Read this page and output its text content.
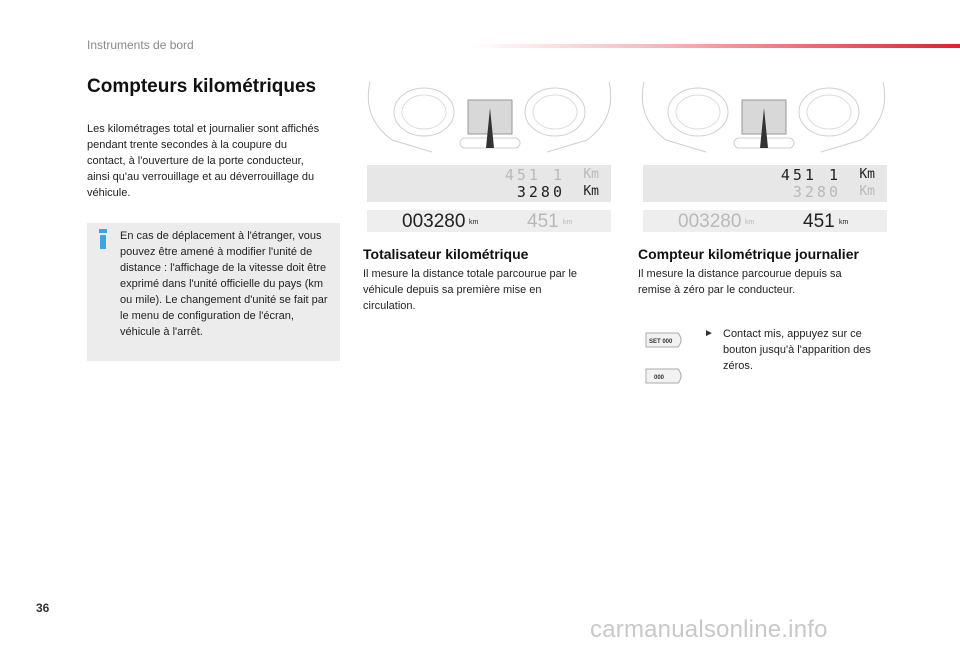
Instruments de bord
Compteurs kilométriques

Les kilométrages total et journalier sont affichés pendant trente secondes à la coupure du contact, à l'ouverture de la porte conducteur, ainsi qu'au verrouillage et au déverrouillage du véhicule.

En cas de déplacement à l'étranger, vous pouvez être amené à modifier l'unité de distance : l'affichage de la vitesse doit être exprimé dans l'unité officielle du pays (km ou mile). Le changement d'unité se fait par le menu de configuration de l'écran, véhicule à l'arrêt.

451 1 Km
3280 Km
451 1 Km
3280 Km
003280 km	451 km	003280 km	451 km
Totalisateur kilométrique

Il mesure la distance totale parcourue par le véhicule depuis sa première mise en circulation.

Compteur kilométrique journalier

Il mesure la distance parcourue depuis sa remise à zéro par le conducteur.

SET 000
000
► Contact mis, appuyez sur ce bouton jusqu'à l'apparition des zéros.

36
carmanualsonline.info
